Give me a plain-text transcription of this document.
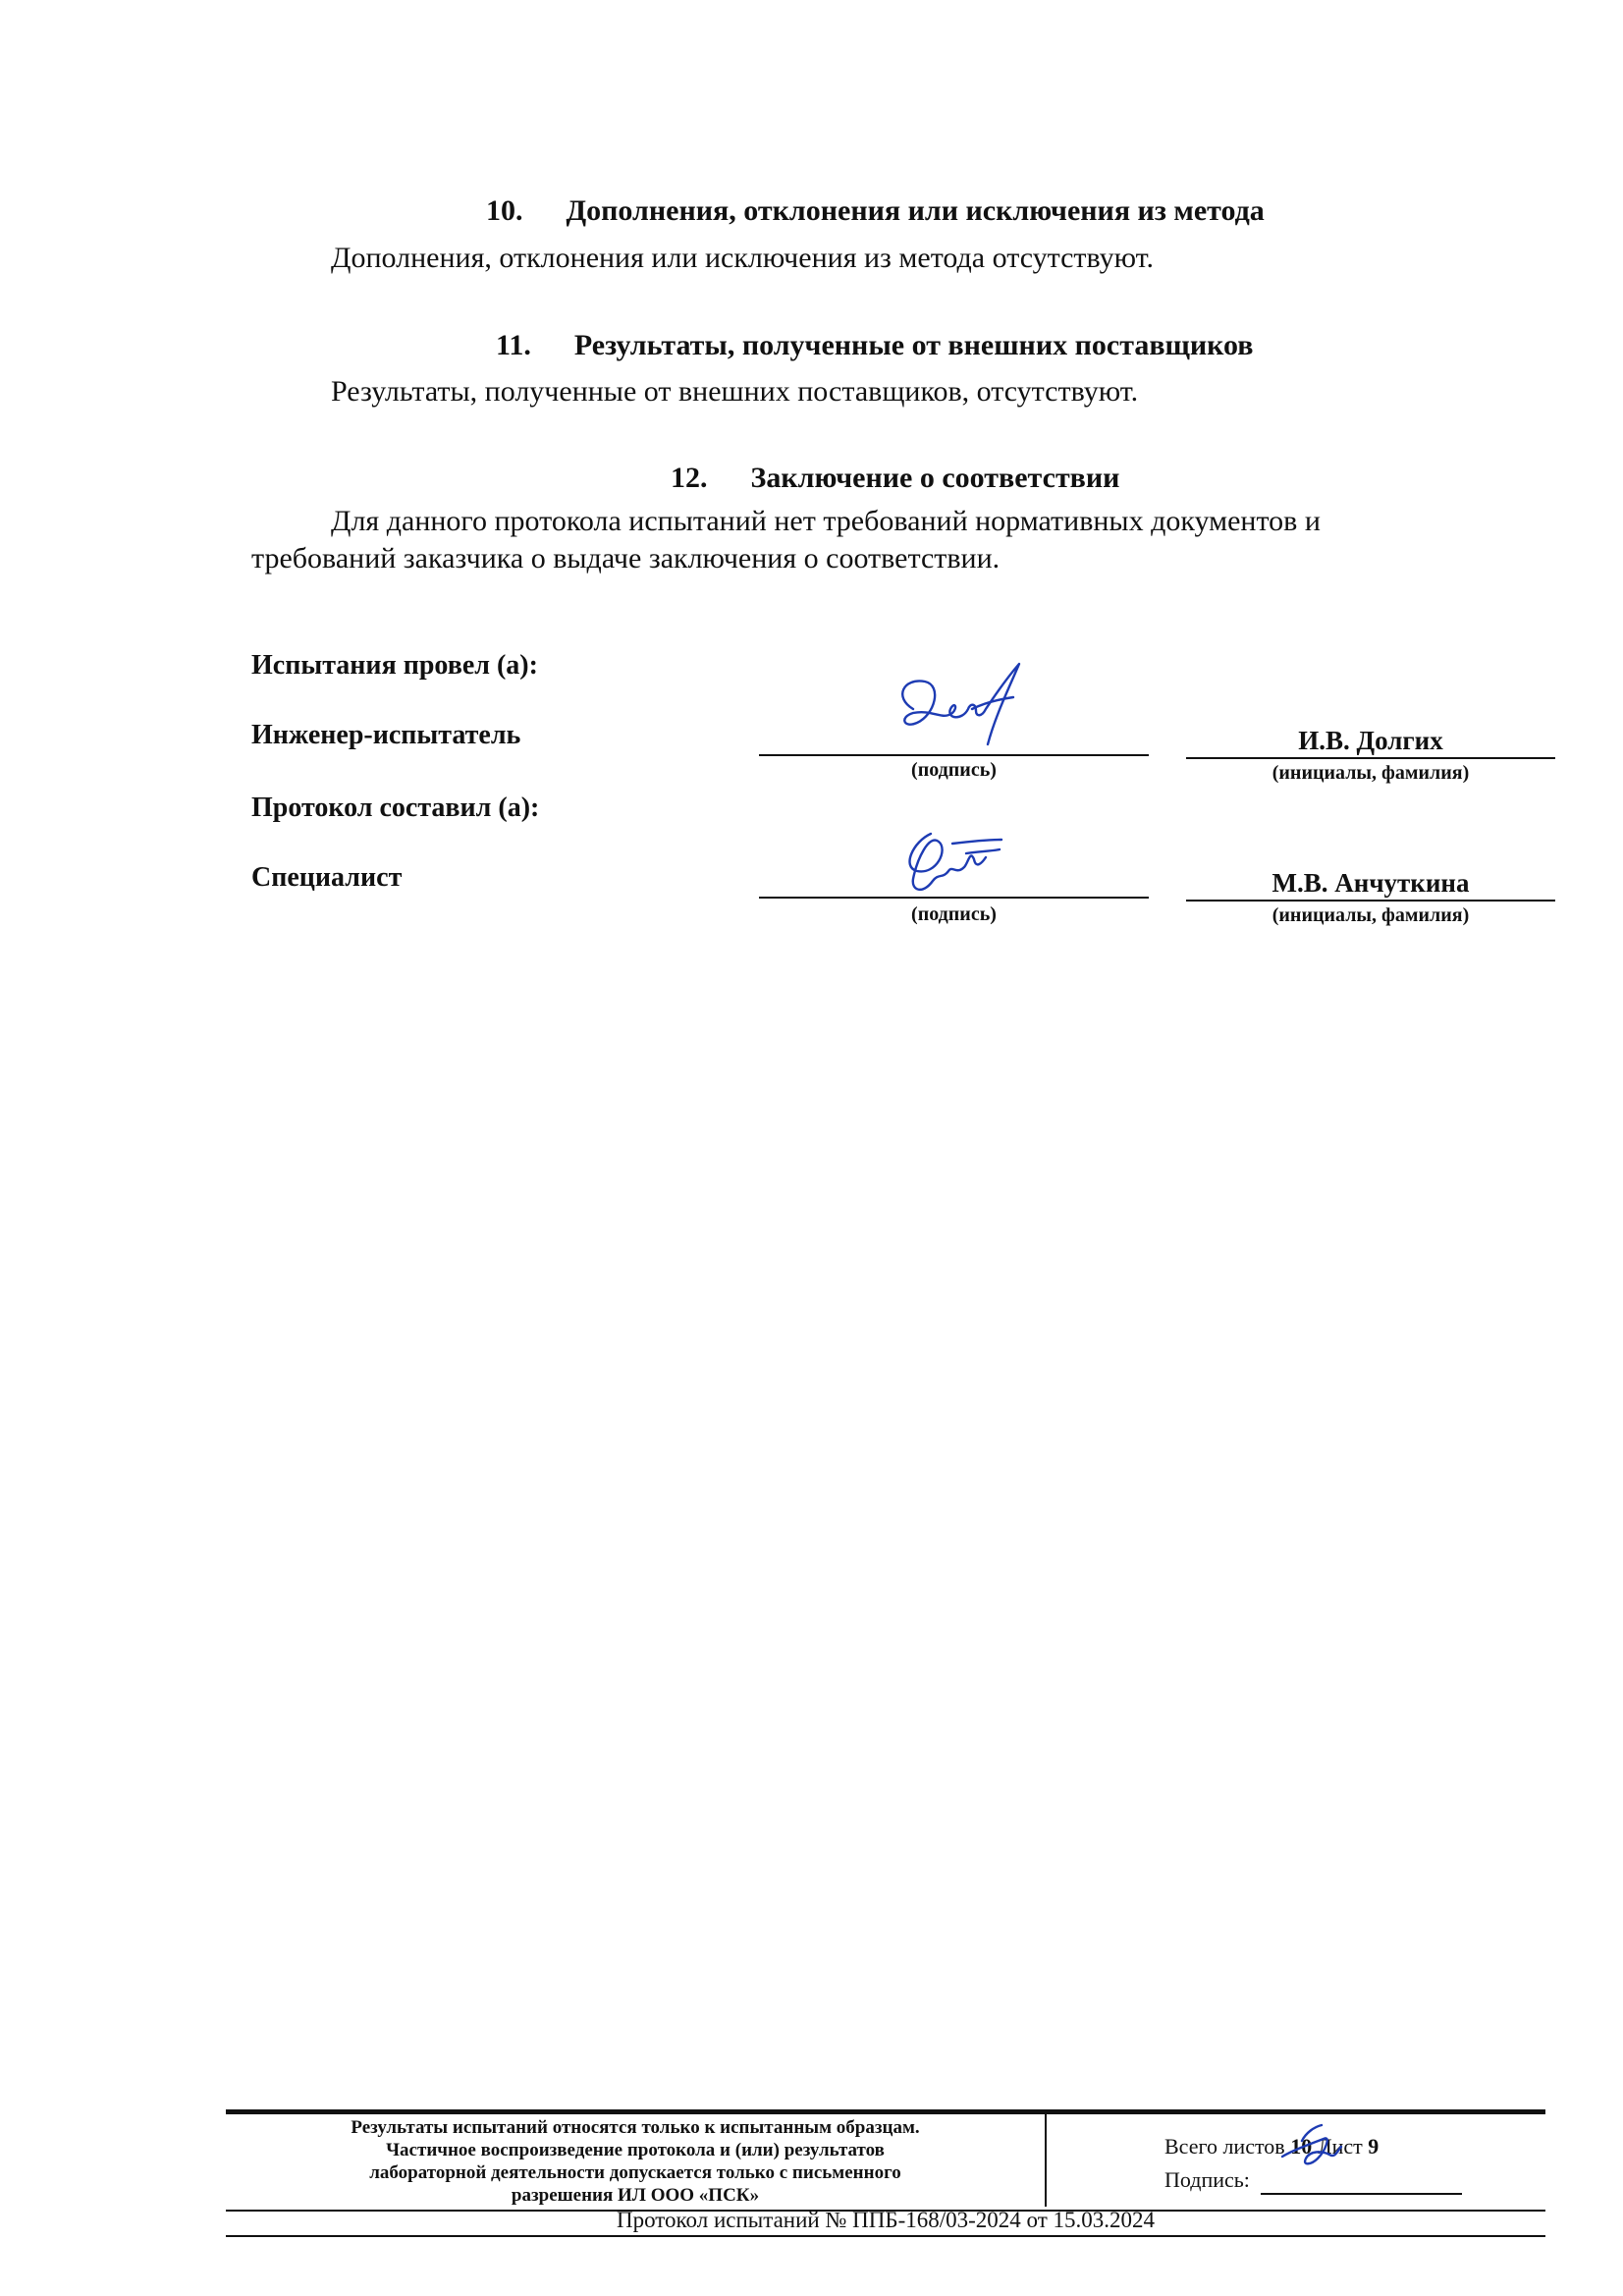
10. Дополнения, отклонения или исключения из метода
Дополнения, отклонения или исключения из метода отсутствуют.
11. Результаты, полученные от внешних поставщиков
Результаты, полученные от внешних поставщиков, отсутствуют.
12. Заключение о соответствии
Для данного протокола испытаний нет требований нормативных документов и
требований заказчика о выдаче заключения о соответствии.
Испытания провел (а):
Инженер-испытатель
(подпись)
И.В. Долгих
(инициалы, фамилия)
Протокол составил (а):
Специалист
(подпись)
М.В. Анчуткина
(инициалы, фамилия)
Результаты испытаний относятся только к испытанным образцам.
Частичное воспроизведение протокола и (или) результатов
лабораторной деятельности допускается только с письменного
разрешения ИЛ ООО «ПСК»
Всего листов 10 Лист 9
Подпись:
Протокол испытаний № ППБ-168/03-2024 от 15.03.2024
